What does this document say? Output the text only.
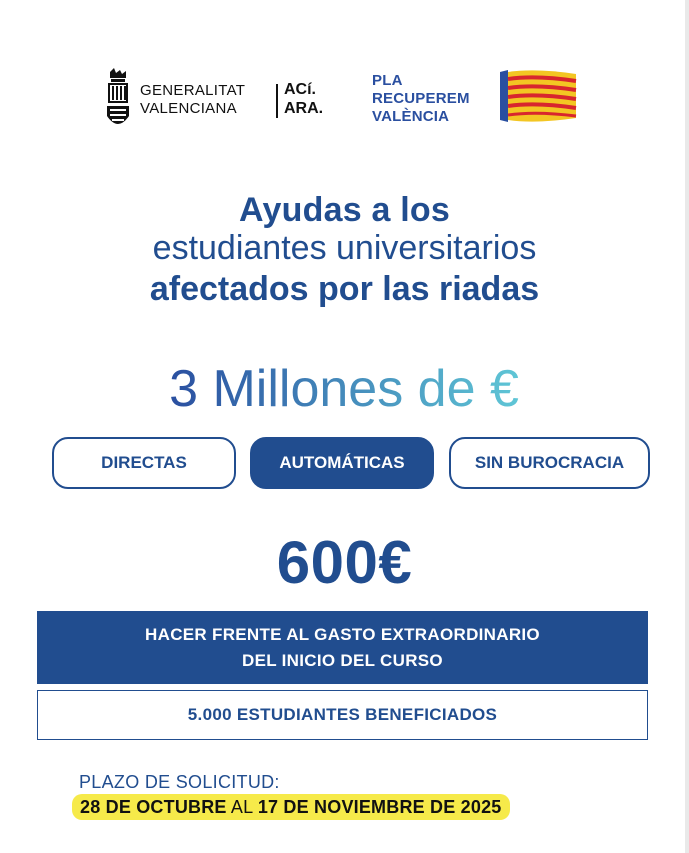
GENERALITAT
VALENCIANA
ACí.
ARA.
PLA
RECUPEREM
VALÈNCIA
Ayudas a los
estudiantes universitarios
afectados por las riadas
3 Millones de €
DIRECTAS	AUTOMÁTICAS	SIN BUROCRACIA
600€
HACER FRENTE AL GASTO EXTRAORDINARIO
DEL INICIO DEL CURSO
5.000 ESTUDIANTES BENEFICIADOS
PLAZO DE SOLICITUD:
28 DE OCTUBRE AL 17 DE NOVIEMBRE DE 2025
